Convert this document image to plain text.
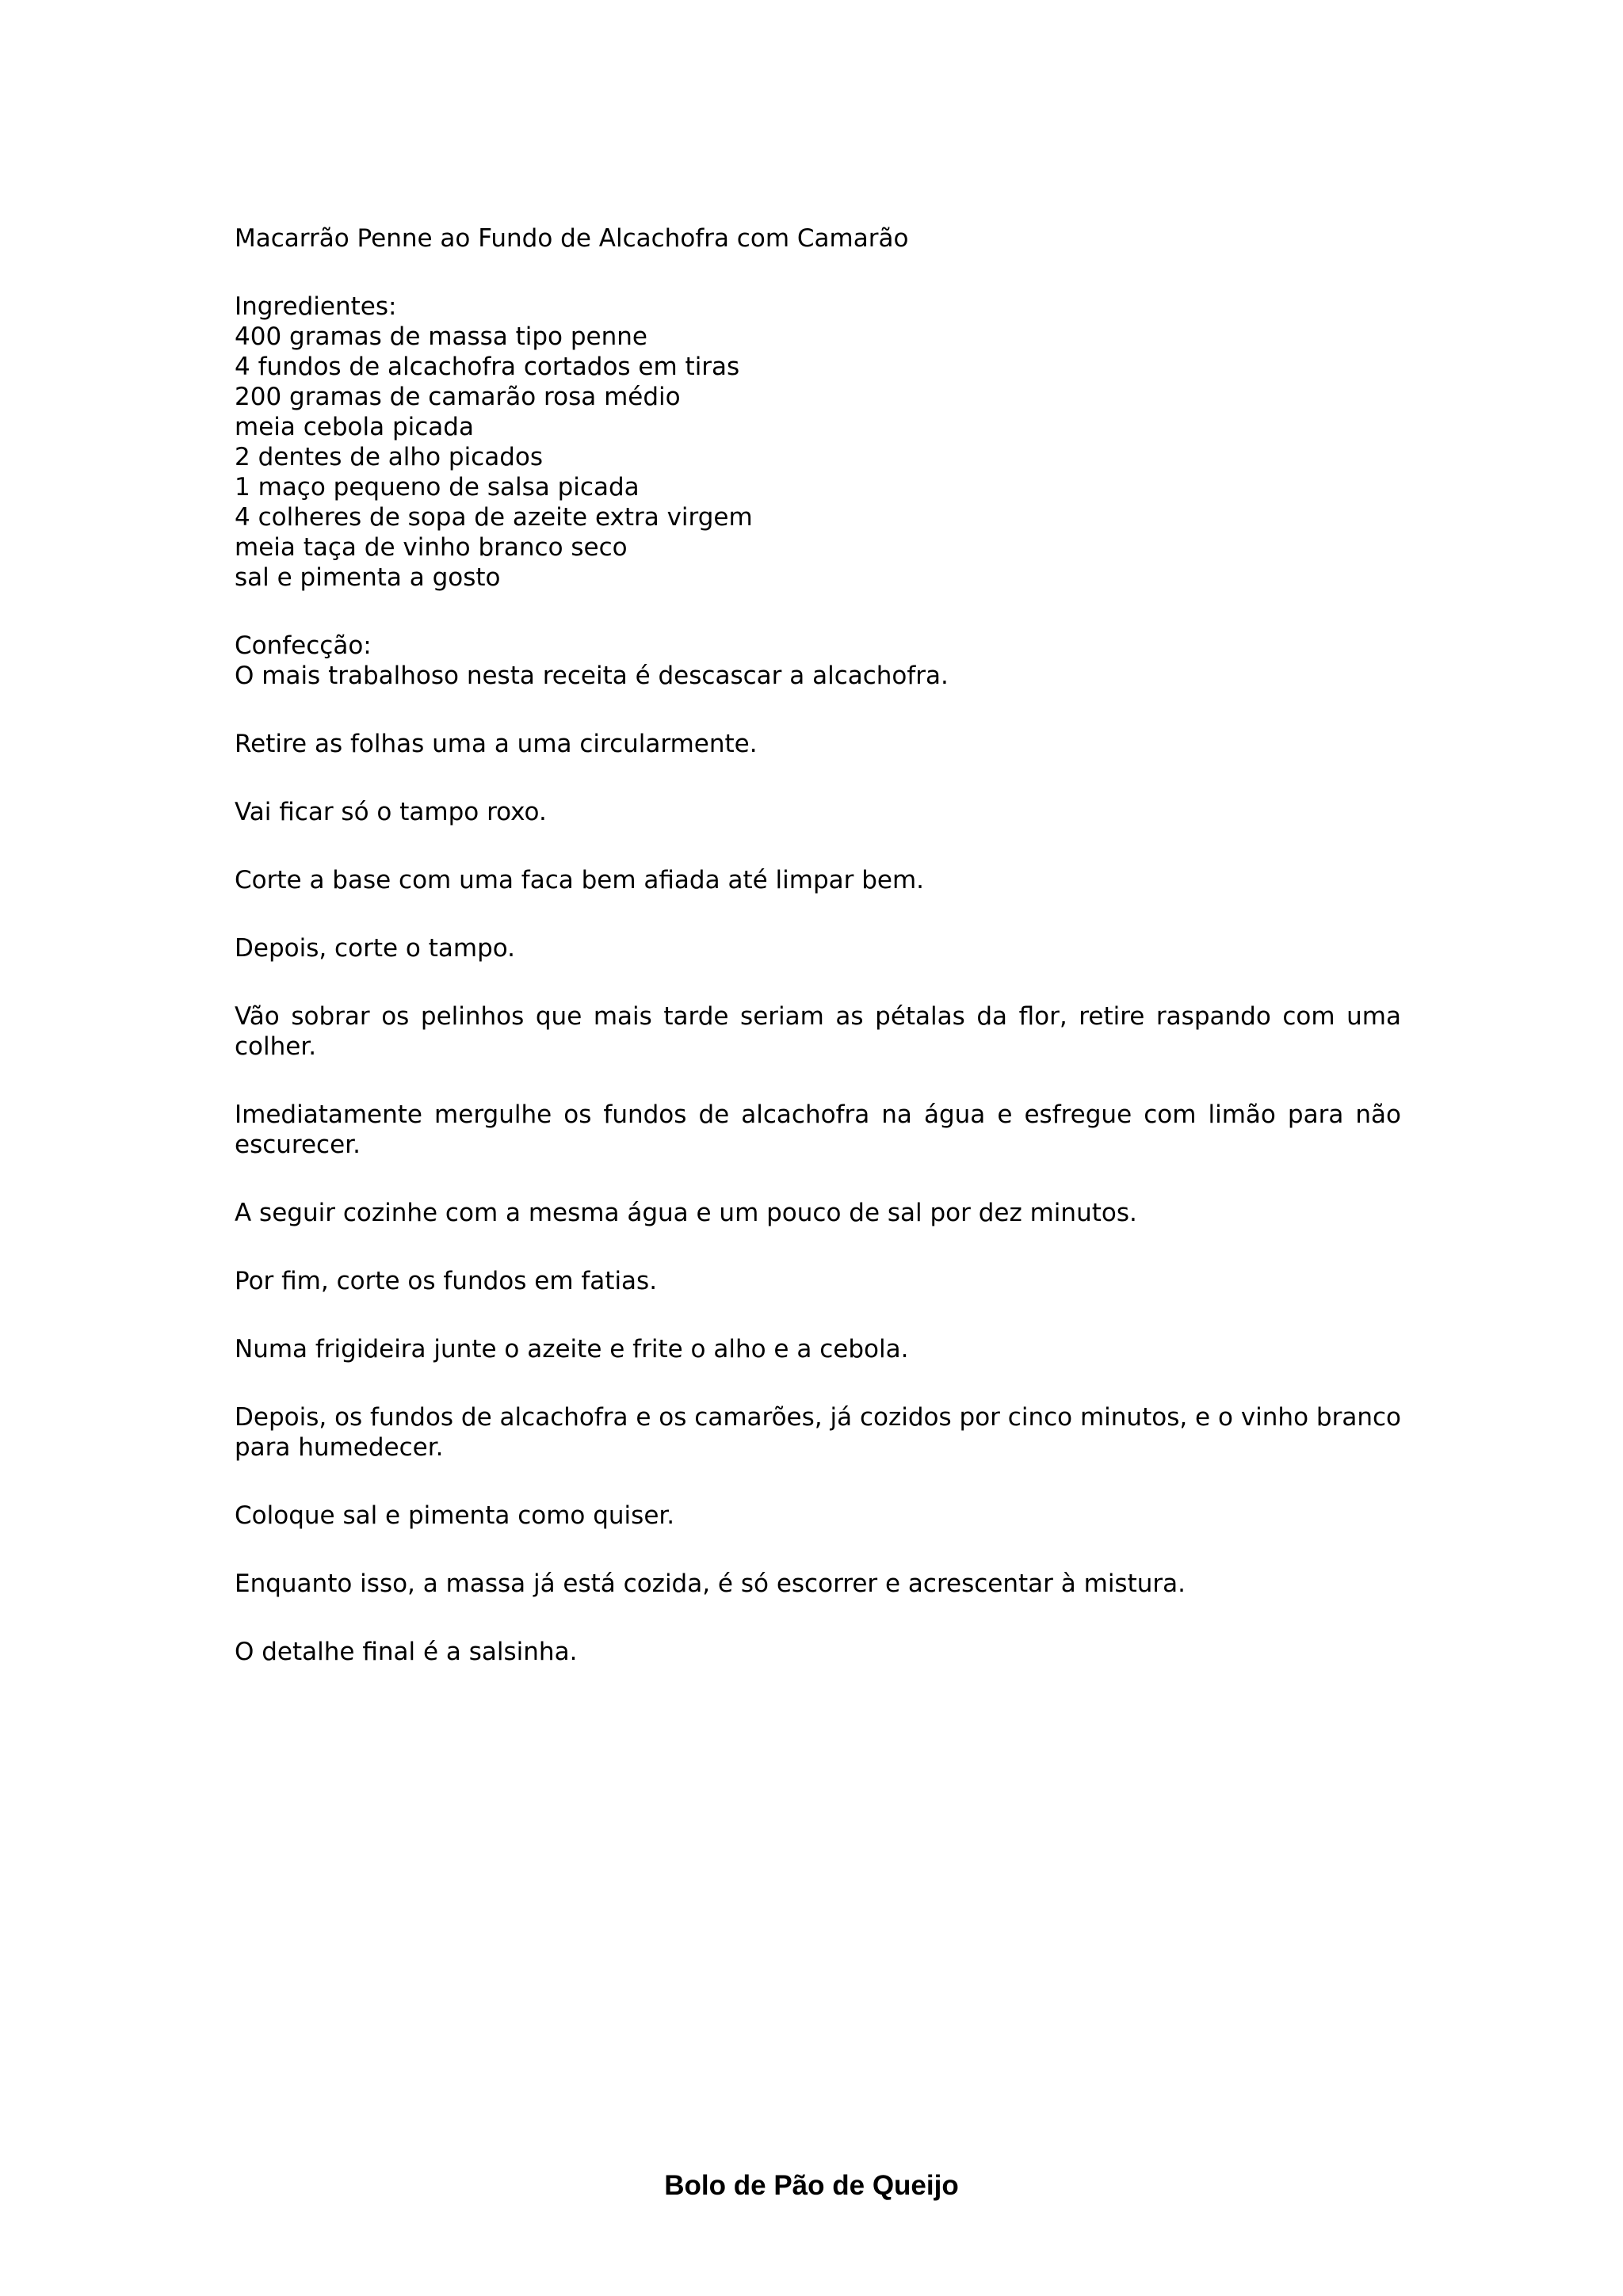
Macarrão Penne ao Fundo de Alcachofra com Camarão

Ingredientes:

400 gramas de massa tipo penne
4 fundos de alcachofra cortados em tiras
200 gramas de camarão rosa médio
meia cebola picada
2 dentes de alho picados
1 maço pequeno de salsa picada
4 colheres de sopa de azeite extra virgem
meia taça de vinho branco seco
sal e pimenta a gosto

Confecção:

O mais trabalhoso nesta receita é descascar a alcachofra.

Retire as folhas uma a uma circularmente.

Vai ficar só o tampo roxo.

Corte a base com uma faca bem afiada até limpar bem.

Depois, corte o tampo.

Vão sobrar os pelinhos que mais tarde seriam as pétalas da flor, retire raspando com uma colher.

Imediatamente mergulhe os fundos de alcachofra na água e esfregue com limão para não escurecer.

A seguir cozinhe com a mesma água e um pouco de sal por dez minutos.

Por fim, corte os fundos em fatias.

Numa frigideira junte o azeite e frite o alho e a cebola.

Depois, os fundos de alcachofra e os camarões, já cozidos por cinco minutos, e o vinho branco para humedecer.

Coloque sal e pimenta como quiser.

Enquanto isso, a massa já está cozida, é só escorrer e acrescentar à mistura.

O detalhe final é a salsinha.

Bolo de Pão de Queijo
